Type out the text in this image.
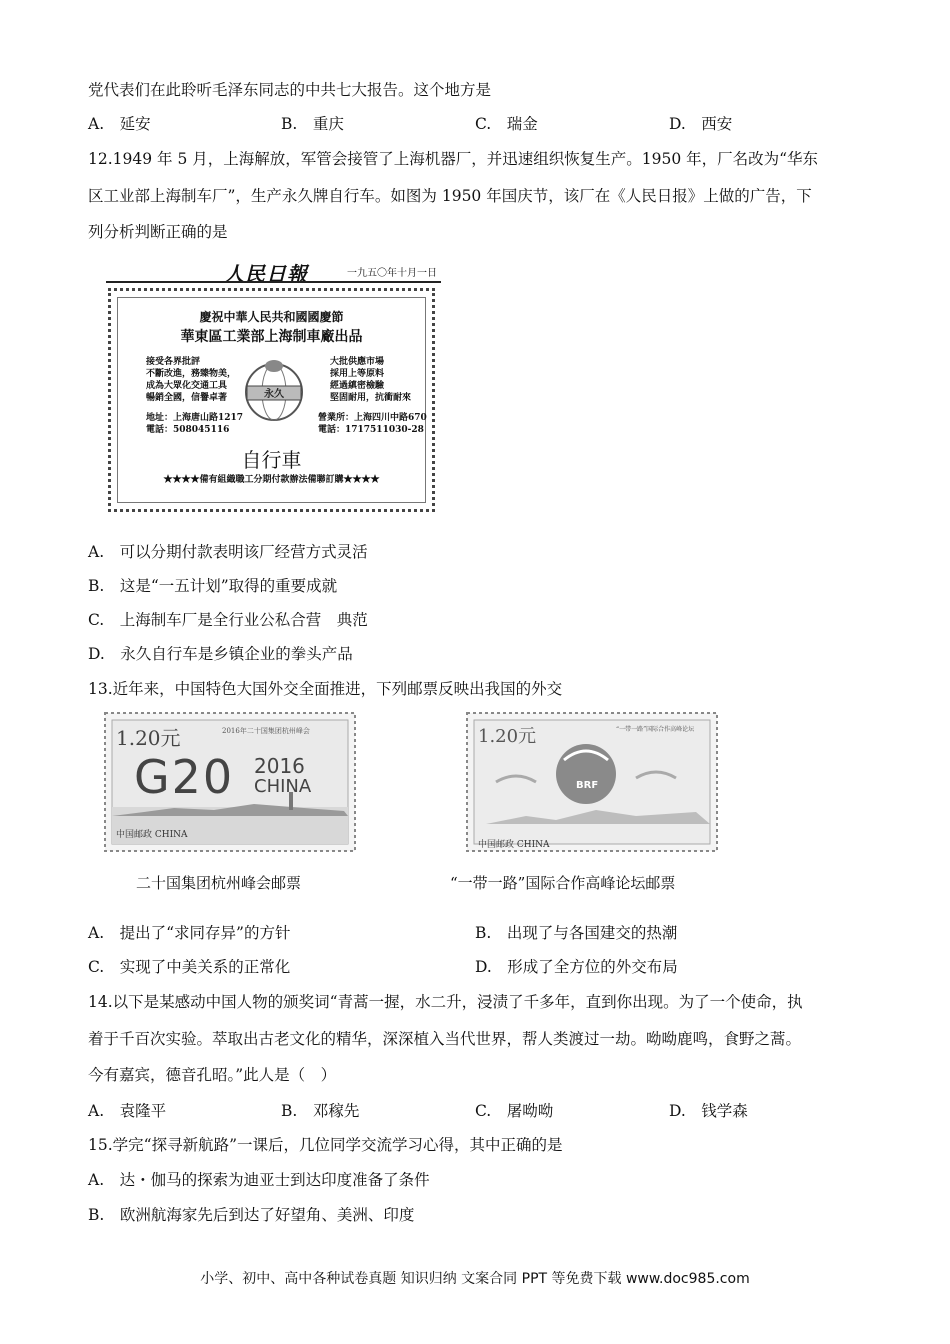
党代表们在此聆听毛泽东同志的中共七大报告。这个地方是
A.　延安	B.　重庆	C.　瑞金	D.　西安
12.1949 年 5 月，上海解放，军管会接管了上海机器厂，并迅速组织恢复生产。1950 年，厂名改为“华东
区工业部上海制车厂”，生产永久牌自行车。如图为 1950 年国庆节，该厂在《人民日报》上做的广告，下
列分析判断正确的是
人民日報	一九五〇年十月一日
慶祝中華人民共和國國慶節
華東區工業部上海制車廠出品
接受各界批評
不斷改進，務臻物美，
成為大眾化交通工具
暢銷全國，信譽卓著
大批供應市場
採用上等原料
經過縝密檢驗
堅固耐用，抗衝耐來
地址：上海唐山路1217
電話：508045116
營業所：上海四川中路670
電話：1717511030-28
永久
自行車
★★★★備有組織職工分期付款辦法備聯訂購★★★★
A.　可以分期付款表明该厂经营方式灵活
B.　这是“一五计划”取得的重要成就
C.　上海制车厂是全行业公私合营　典范
D.　永久自行车是乡镇企业的拳头产品
13.近年来，中国特色大国外交全面推进，下列邮票反映出我国的外交
1.20元	2016年二十国集团杭州峰会
G20 2016
CHINA
中国邮政 CHINA
二十国集团杭州峰会邮票
1.20元	“一带一路”国际合作高峰论坛
BRF
中国邮政 CHINA
“一带一路”国际合作高峰论坛邮票
A.　提出了“求同存异”的方针	B.　出现了与各国建交的热潮
C.　实现了中美关系的正常化	D.　形成了全方位的外交布局
14.以下是某感动中国人物的颁奖词“青蒿一握，水二升，浸渍了千多年，直到你出现。为了一个使命，执
着于千百次实验。萃取出古老文化的精华，深深植入当代世界，帮人类渡过一劫。呦呦鹿鸣，食野之蒿。
今有嘉宾，德音孔昭。”此人是（　）
A.　袁隆平	B.　邓稼先	C.　屠呦呦	D.　钱学森
15.学完“探寻新航路”一课后，几位同学交流学习心得，其中正确的是
A.　达・伽马的探索为迪亚士到达印度准备了条件
B.　欧洲航海家先后到达了好望角、美洲、印度
小学、初中、高中各种试卷真题 知识归纳 文案合同 PPT 等免费下载 www.doc985.com
